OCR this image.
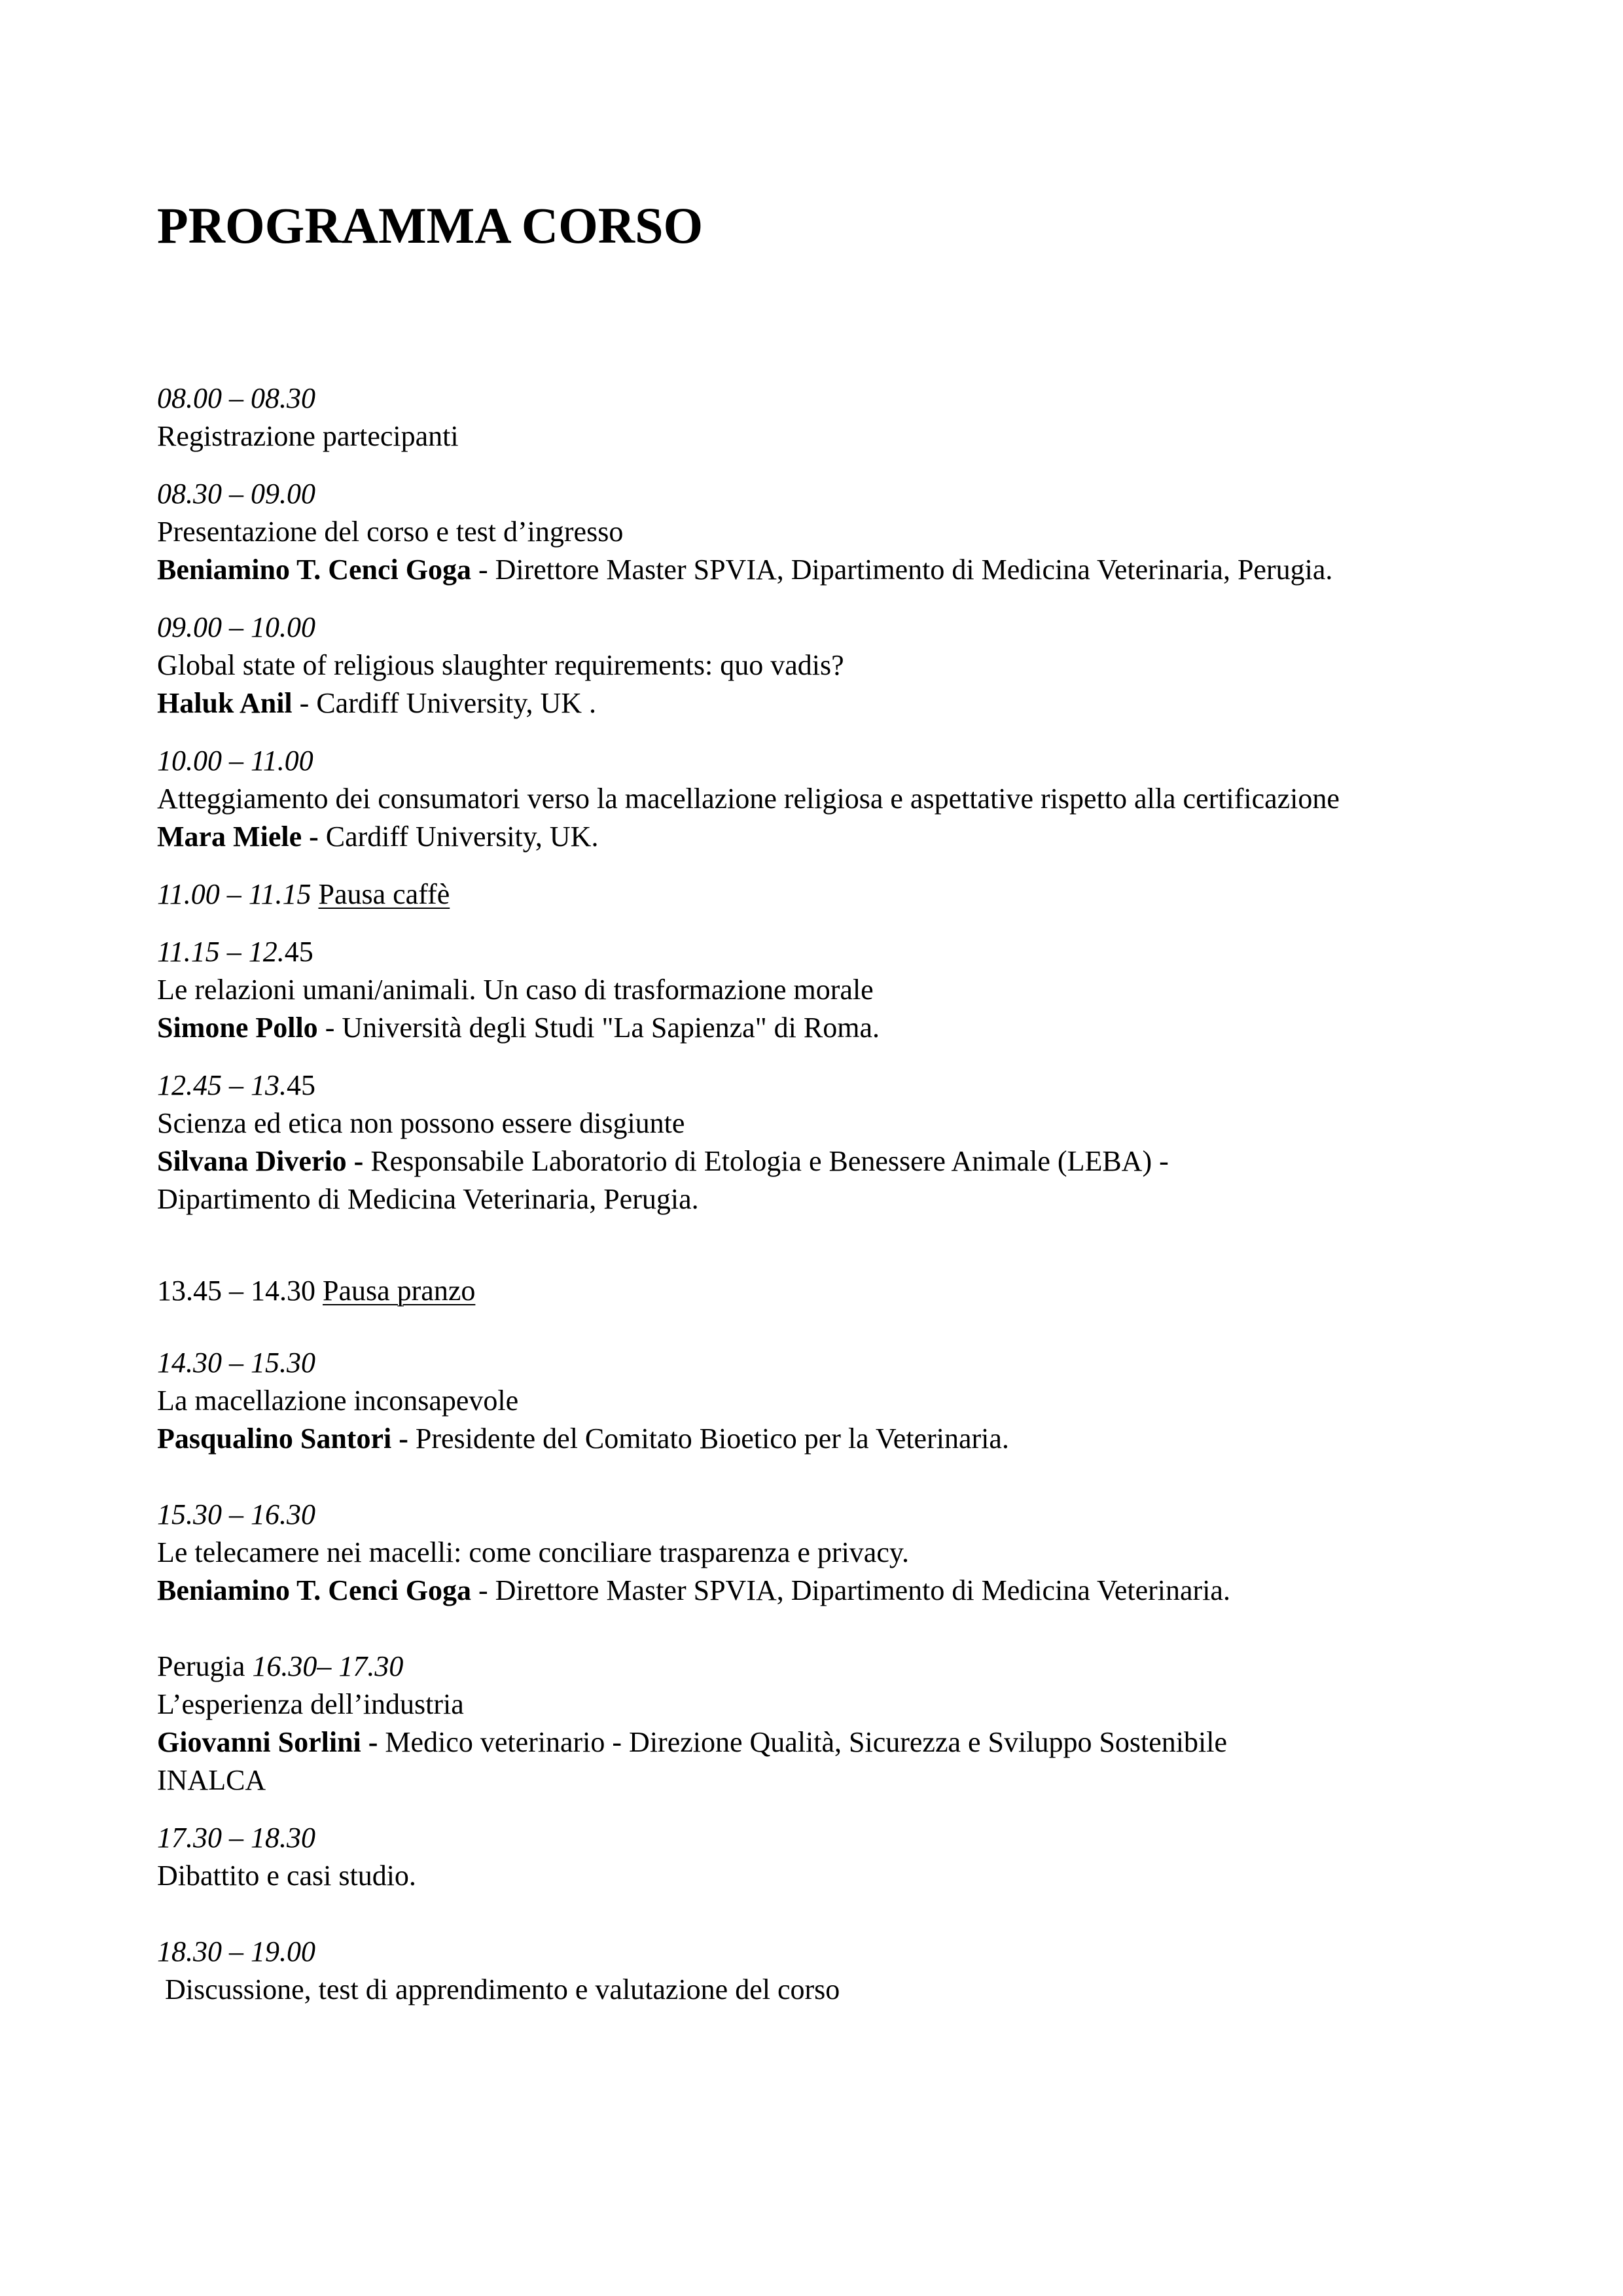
PROGRAMMA CORSO
08.00 – 08.30
Registrazione partecipanti
08.30 – 09.00
Presentazione del corso e test d’ingresso
Beniamino T. Cenci Goga - Direttore Master SPVIA, Dipartimento di Medicina Veterinaria, Perugia.
09.00 – 10.00
Global state of religious slaughter requirements: quo vadis?
Haluk Anil - Cardiff University, UK .
10.00 – 11.00
Atteggiamento dei consumatori verso la macellazione religiosa e aspettative rispetto alla certificazione
Mara Miele - Cardiff University, UK.
11.00 – 11.15 Pausa caffè
11.15 – 12.45
Le relazioni umani/animali. Un caso di trasformazione morale
Simone Pollo - Università degli Studi "La Sapienza" di Roma.
12.45 – 13.45
Scienza ed etica non possono essere disgiunte
Silvana Diverio - Responsabile Laboratorio di Etologia e Benessere Animale (LEBA) -
Dipartimento di Medicina Veterinaria, Perugia.
13.45 – 14.30 Pausa pranzo
14.30 – 15.30
La macellazione inconsapevole
Pasqualino Santori - Presidente del Comitato Bioetico per la Veterinaria.
15.30 – 16.30
Le telecamere nei macelli: come conciliare trasparenza e privacy.
Beniamino T. Cenci Goga - Direttore Master SPVIA, Dipartimento di Medicina Veterinaria.
Perugia 16.30– 17.30
L’esperienza dell’industria
Giovanni Sorlini - Medico veterinario - Direzione Qualità, Sicurezza e Sviluppo Sostenibile
INALCA
17.30 – 18.30
Dibattito e casi studio.
18.30 – 19.00
Discussione, test di apprendimento e valutazione del corso
